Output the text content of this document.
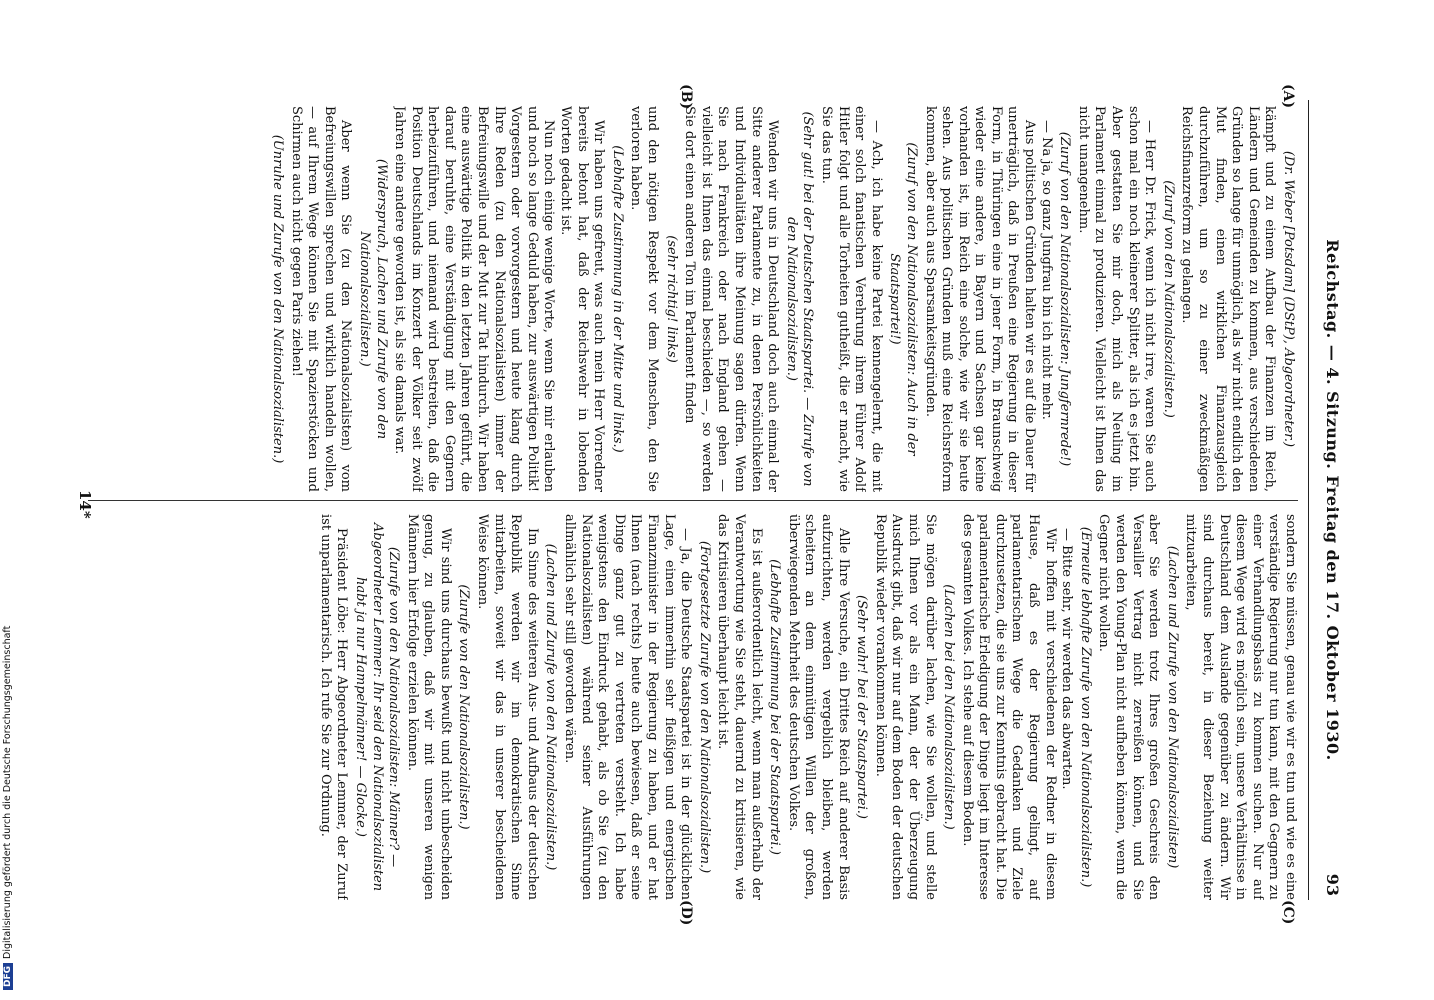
Reichstag. — 4. Sitzung. Freitag den 17. Oktober 1930.
93
(A)
(B)
(C)
(D)

(Dr. Weber [Potsdam] (DStP), Abgeordneter.)

kämpft und zu einem Aufbau der Finanzen im Reich, Ländern und Gemeinden zu kommen, aus verschiedenen Gründen so lange für unmöglich, als wir nicht endlich den Mut finden, einen wirklichen Finanzausgleich durchzuführen, um so zu einer zweckmäßigen Reichsfinanzreform zu gelangen.

(Zuruf von den Nationalsozialisten.)

— Herr Dr. Frick, wenn ich nicht irre, waren Sie auch schon mal ein noch kleinerer Splitter, als ich es jetzt bin. Aber gestatten Sie mir doch, mich als Neuling im Parlament einmal zu produzieren. Vielleicht ist Ihnen das nicht unangenehm.

(Zuruf von den Nationalsozialisten: Jungfernrede!)

— Na ja, so ganz Jungfrau bin ich nicht mehr.

Aus politischen Gründen halten wir es auf die Dauer für unerträglich, daß in Preußen eine Regierung in dieser Form, in Thüringen eine in jener Form, in Braunschweig wieder eine andere, in Bayern und Sachsen gar keine vorhanden ist, im Reich eine solche, wie wir sie heute sehen. Aus politischen Gründen muß eine Reichsreform kommen, aber auch aus Sparsamkeitsgründen.

(Zuruf von den Nationalsozialisten: Auch in der Staatspartei!)

— Ach, ich habe keine Partei kennengelernt, die mit einer solch fanatischen Verehrung ihrem Führer Adolf Hitler folgt und alle Torheiten gutheißt, die er macht, wie Sie das tun.

(Sehr gut! bei der Deutschen Staatspartei. — Zurufe von den Nationalsozialisten.)

Wenden wir uns in Deutschland doch auch einmal der Sitte anderer Parlamente zu, in denen Persönlichkeiten und Individualitäten ihre Meinung sagen dürfen. Wenn Sie nach Frankreich oder nach England gehen — vielleicht ist Ihnen das einmal beschieden —, so werden Sie dort einen anderen Ton im Parlament finden

(sehr richtig! links)

und den nötigen Respekt vor dem Menschen, den Sie verloren haben.

(Lebhafte Zustimmung in der Mitte und links.)

Wir haben uns gefreut, was auch mein Herr Vorredner bereits betont hat, daß der Reichswehr in lobenden Worten gedacht ist.

Nun noch einige wenige Worte, wenn Sie mir erlauben und noch so lange Geduld haben, zur auswärtigen Politik! Vorgestern oder vorvorgestern und heute klang durch Ihre Reden (zu den Nationalsozialisten) immer der Befreiungswille und der Mut zur Tat hindurch. Wir haben eine auswärtige Politik in den letzten Jahren geführt, die darauf beruhte, eine Verständigung mit den Gegnern herbeizuführen, und niemand wird bestreiten, daß die Position Deutschlands im Konzert der Völker seit zwölf Jahren eine andere geworden ist, als sie damals war.

(Widerspruch, Lachen und Zurufe von den Nationalsozialisten.)

Aber wenn Sie (zu den Nationalsozialisten) vom Befreiungswillen sprechen und wirklich handeln wollen, — auf Ihrem Wege können Sie mit Spazierstöcken und Schirmen auch nicht gegen Paris ziehen!

(Unruhe und Zurufe von den Nationalsozialisten.)

sondern Sie müssen, genau wie wir es tun und wie es eine verständige Regierung nur tun kann, mit den Gegnern zu einer Verhandlungsbasis zu kommen suchen. Nur auf diesem Wege wird es möglich sein, unsere Verhältnisse in Deutschland dem Auslande gegenüber zu ändern. Wir sind durchaus bereit, in dieser Beziehung weiter mitzuarbeiten,

(Lachen und Zurufe von den Nationalsozialisten)

aber Sie werden trotz Ihres großen Geschreis den Versailler Vertrag nicht zerreißen können, und Sie werden den Young-Plan nicht aufheben können, wenn die Gegner nicht wollen.

(Erneute lebhafte Zurufe von den Nationalsozialisten.)

— Bitte sehr, wir werden das abwarten.

Wir hoffen mit verschiedenen der Redner in diesem Hause, daß es der Regierung gelingt, auf parlamentarischem Wege die Gedanken und Ziele durchzusetzen, die sie uns zur Kenntnis gebracht hat. Die parlamentarische Erledigung der Dinge liegt im Interesse des gesamten Volkes. Ich stehe auf diesem Boden.

(Lachen bei den Nationalsozialisten.)

Sie mögen darüber lachen, wie Sie wollen, und stelle mich Ihnen vor als ein Mann, der der Überzeugung Ausdruck gibt, daß wir nur auf dem Boden der deutschen Republik wieder vorankommen können.

(Sehr wahr! bei der Staatspartei.)

Alle Ihre Versuche, ein Drittes Reich auf anderer Basis aufzurichten, werden vergeblich bleiben, werden scheitern an dem einmütigen Willen der großen, überwiegenden Mehrheit des deutschen Volkes.

(Lebhafte Zustimmung bei der Staatspartei.)

Es ist außerordentlich leicht, wenn man außerhalb der Verantwortung wie Sie steht, dauernd zu kritisieren, wie das Kritisieren überhaupt leicht ist.

(Fortgesetzte Zurufe von den Nationalsozialisten.)

— Ja, die Deutsche Staatspartei ist in der glücklichen Lage, einen immerhin sehr fleißigen und energischen Finanzminister in der Regierung zu haben, und er hat Ihnen (nach rechts) heute auch bewiesen, daß er seine Dinge ganz gut zu vertreten versteht. Ich habe wenigstens den Eindruck gehabt, als ob Sie (zu den Nationalsozialisten) während seiner Ausführungen allmählich sehr still geworden wären.

(Lachen und Zurufe von den Nationalsozialisten.)

Im Sinne des weiteren Aus- und Aufbaus der deutschen Republik werden wir im demokratischen Sinne mitarbeiten, soweit wir das in unserer bescheidenen Weise können.

(Zurufe von den Nationalsozialisten.)

Wir sind uns durchaus bewußt und nicht unbescheiden genug, zu glauben, daß wir mit unseren wenigen Männern hier Erfolge erzielen können.

(Zurufe von den Nationalsozialisten: Männer? — Abgeordneter Lemmer: Ihr seid den Nationalsozialisten habt ja nur Hampelmänner! — Glocke.)

Präsident Löbe: Herr Abgeordneter Lemmer, der Zuruf ist unparlamentarisch. Ich rufe Sie zur Ordnung.

14*
DFGDigitalisierung gefördert durch die Deutsche Forschungsgemeinschaft
